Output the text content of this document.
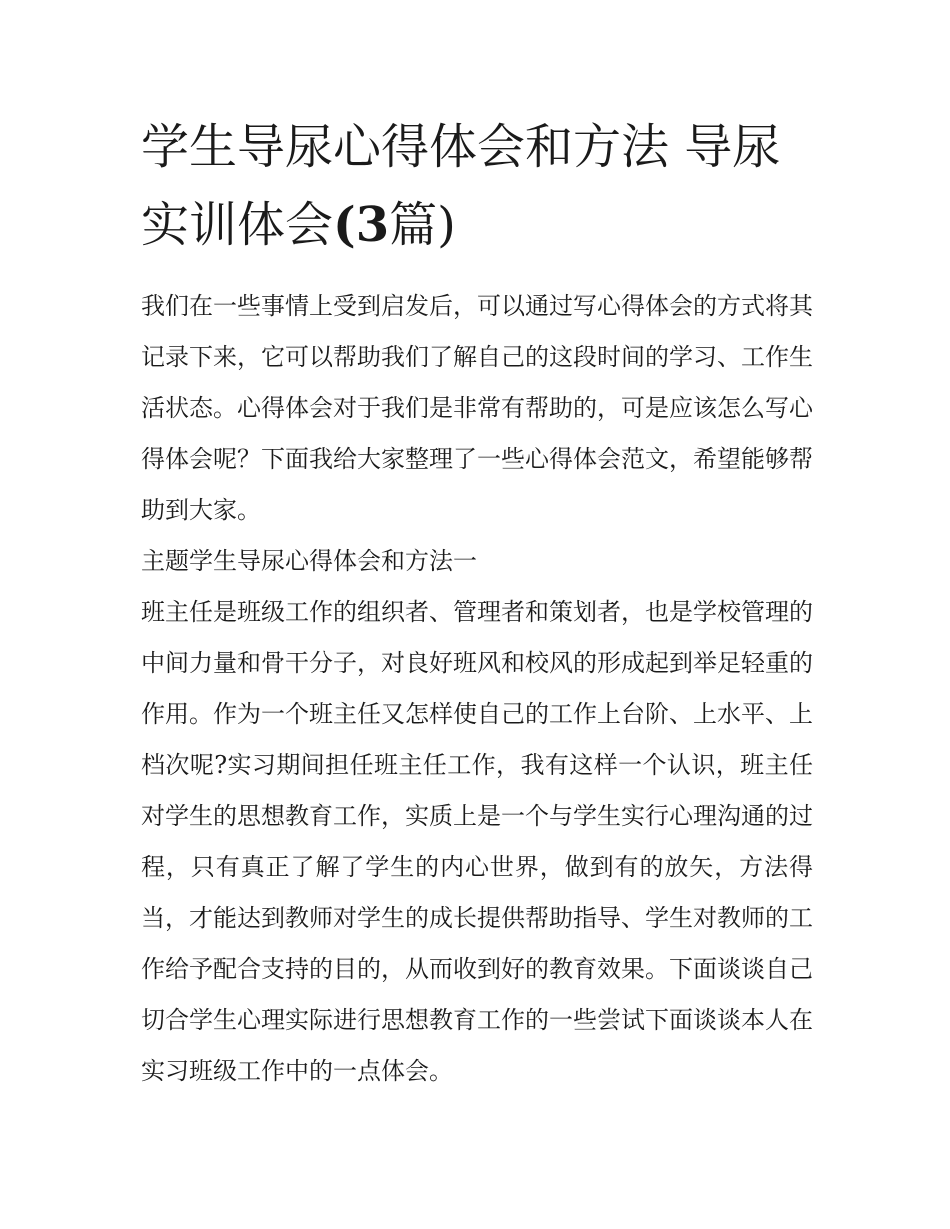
学生导尿心得体会和方法 导尿实训体会(3篇)

我们在一些事情上受到启发后，可以通过写心得体会的方式将其记录下来，它可以帮助我们了解自己的这段时间的学习、工作生活状态。心得体会对于我们是非常有帮助的，可是应该怎么写心得体会呢？下面我给大家整理了一些心得体会范文，希望能够帮助到大家。

主题学生导尿心得体会和方法一

班主任是班级工作的组织者、管理者和策划者，也是学校管理的中间力量和骨干分子，对良好班风和校风的形成起到举足轻重的作用。作为一个班主任又怎样使自己的工作上台阶、上水平、上档次呢?实习期间担任班主任工作，我有这样一个认识，班主任对学生的思想教育工作，实质上是一个与学生实行心理沟通的过程，只有真正了解了学生的内心世界，做到有的放矢，方法得当，才能达到教师对学生的成长提供帮助指导、学生对教师的工作给予配合支持的目的，从而收到好的教育效果。下面谈谈自己切合学生心理实际进行思想教育工作的一些尝试下面谈谈本人在实习班级工作中的一点体会。
